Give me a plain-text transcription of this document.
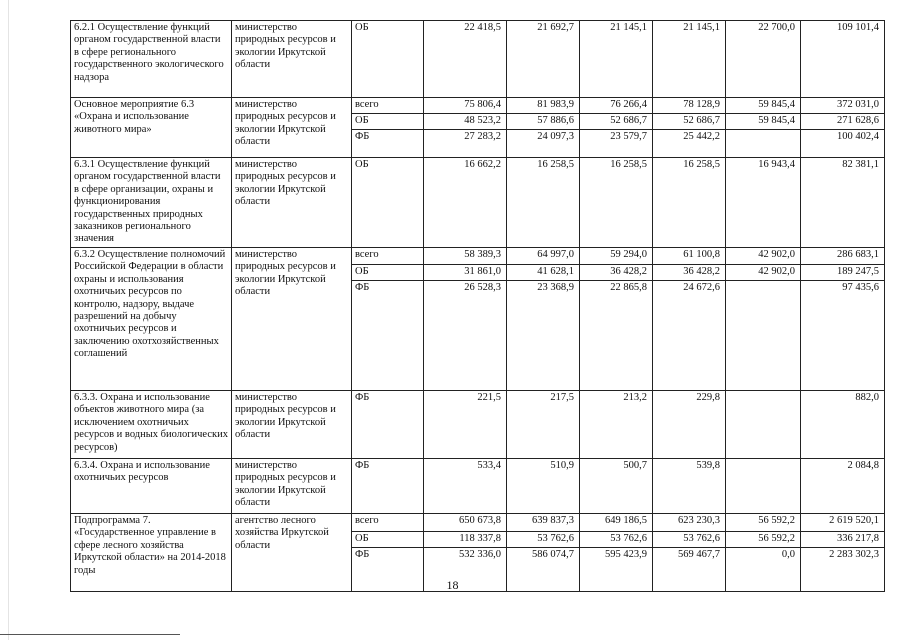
6.2.1 Осуществление функций органом государственной власти в сфере регионального государственного экологического надзора	министерство природных ресурсов и экологии Иркутской области	ОБ	22 418,5	21 692,7	21 145,1	21 145,1	22 700,0	109 101,4
Основное мероприятие 6.3 «Охрана и использование животного мира»	министерство природных ресурсов и экологии Иркутской области	всего	75 806,4	81 983,9	76 266,4	78 128,9	59 845,4	372 031,0
		ОБ	48 523,2	57 886,6	52 686,7	52 686,7	59 845,4	271 628,6
		ФБ	27 283,2	24 097,3	23 579,7	25 442,2		100 402,4
6.3.1 Осуществление функций органом государственной власти в сфере организации, охраны и функционирования государственных природных заказников регионального значения	министерство природных ресурсов и экологии Иркутской области	ОБ	16 662,2	16 258,5	16 258,5	16 258,5	16 943,4	82 381,1
6.3.2 Осуществление полномочий Российской Федерации в области охраны и использования охотничьих ресурсов по контролю, надзору, выдаче разрешений на добычу охотничьих ресурсов и заключению охотхозяйственных соглашений	министерство природных ресурсов и экологии Иркутской области	всего	58 389,3	64 997,0	59 294,0	61 100,8	42 902,0	286 683,1
		ОБ	31 861,0	41 628,1	36 428,2	36 428,2	42 902,0	189 247,5
		ФБ	26 528,3	23 368,9	22 865,8	24 672,6		97 435,6
6.3.3. Охрана и использование объектов животного мира (за исключением охотничьих ресурсов и водных биологических ресурсов)	министерство природных ресурсов и экологии Иркутской области	ФБ	221,5	217,5	213,2	229,8		882,0
6.3.4. Охрана и использование охотничьих ресурсов	министерство природных ресурсов и экологии Иркутской области	ФБ	533,4	510,9	500,7	539,8		2 084,8
Подпрограмма 7. «Государственное управление в сфере лесного хозяйства Иркутской области» на 2014-2018 годы	агентство лесного хозяйства Иркутской области	всего	650 673,8	639 837,3	649 186,5	623 230,3	56 592,2	2 619 520,1
		ОБ	118 337,8	53 762,6	53 762,6	53 762,6	56 592,2	336 217,8
		ФБ	532 336,0	586 074,7	595 423,9	569 467,7	0,0	2 283 302,3
18
